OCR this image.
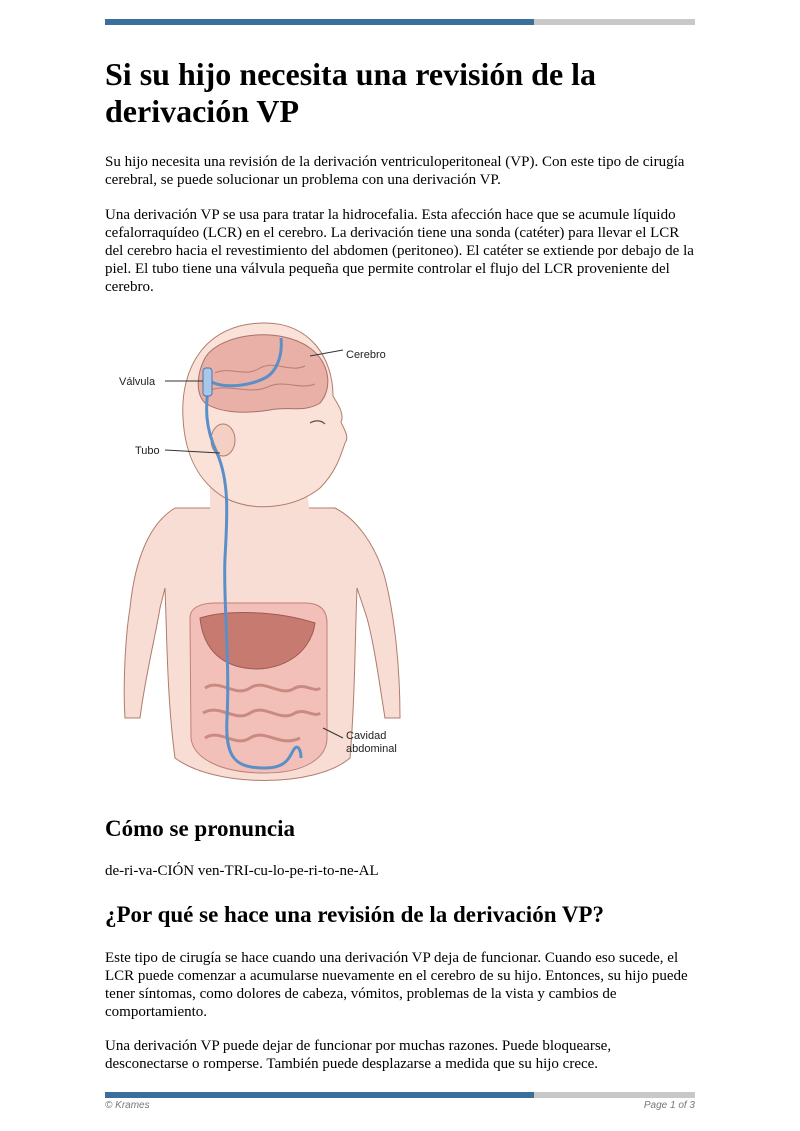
Si su hijo necesita una revisión de la derivación VP

Su hijo necesita una revisión de la derivación ventriculoperitoneal (VP). Con este tipo de cirugía cerebral, se puede solucionar un problema con una derivación VP.

Una derivación VP se usa para tratar la hidrocefalia. Esta afección hace que se acumule líquido cefalorraquídeo (LCR) en el cerebro. La derivación tiene una sonda (catéter) para llevar el LCR del cerebro hacia el revestimiento del abdomen (peritoneo). El catéter se extiende por debajo de la piel. El tubo tiene una válvula pequeña que permite controlar el flujo del LCR proveniente del cerebro.

Cerebro
Válvula
Tubo
Cavidad
abdominal
Cómo se pronuncia

de-ri-va-CIÓN ven-TRI-cu-lo-pe-ri-to-ne-AL

¿Por qué se hace una revisión de la derivación VP?

Este tipo de cirugía se hace cuando una derivación VP deja de funcionar. Cuando eso sucede, el LCR puede comenzar a acumularse nuevamente en el cerebro de su hijo. Entonces, su hijo puede tener síntomas, como dolores de cabeza, vómitos, problemas de la vista y cambios de comportamiento.

Una derivación VP puede dejar de funcionar por muchas razones. Puede bloquearse, desconectarse o romperse. También puede desplazarse a medida que su hijo crece.

© Krames	Page 1 of 3
